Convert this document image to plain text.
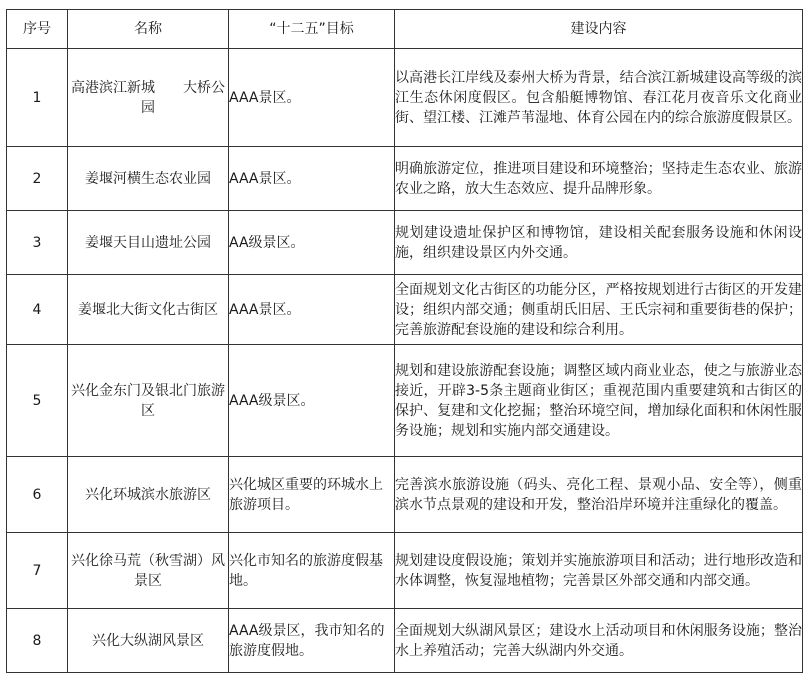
序号	名称	“十二五”目标	建设内容
1	高港滨江新城　　大桥公园	AAA景区。	以高港长江岸线及泰州大桥为背景，结合滨江新城建设高等级的滨江生态休闲度假区。包含船艇博物馆、春江花月夜音乐文化商业街、望江楼、江滩芦苇湿地、体育公园在内的综合旅游度假景区。
2	姜堰河横生态农业园	AAA景区。	明确旅游定位，推进项目建设和环境整治；坚持走生态农业、旅游农业之路，放大生态效应、提升品牌形象。
3	姜堰天目山遗址公园	AA级景区。	规划建设遗址保护区和博物馆，建设相关配套服务设施和休闲设施，组织建设景区内外交通。
4	姜堰北大街文化古街区	AAA景区。	全面规划文化古街区的功能分区，严格按规划进行古街区的开发建设；组织内部交通；侧重胡氏旧居、王氏宗祠和重要街巷的保护；完善旅游配套设施的建设和综合利用。
5	兴化金东门及银北门旅游区	AAA级景区。	规划和建设旅游配套设施；调整区域内商业业态，使之与旅游业态接近，开辟3-5条主题商业街区；重视范围内重要建筑和古街区的保护、复建和文化挖掘；整治环境空间，增加绿化面积和休闲性服务设施；规划和实施内部交通建设。
6	兴化环城滨水旅游区	兴化城区重要的环城水上旅游项目。	完善滨水旅游设施（码头、亮化工程、景观小品、安全等），侧重滨水节点景观的建设和开发，整治沿岸环境并注重绿化的覆盖。
7	兴化徐马荒（秋雪湖）风景区	兴化市知名的旅游度假基地。	规划建设度假设施；策划并实施旅游项目和活动；进行地形改造和水体调整，恢复湿地植物；完善景区外部交通和内部交通。
8	兴化大纵湖风景区	AAA级景区，我市知名的旅游度假地。	全面规划大纵湖风景区；建设水上活动项目和休闲服务设施；整治水上养殖活动；完善大纵湖内外交通。
